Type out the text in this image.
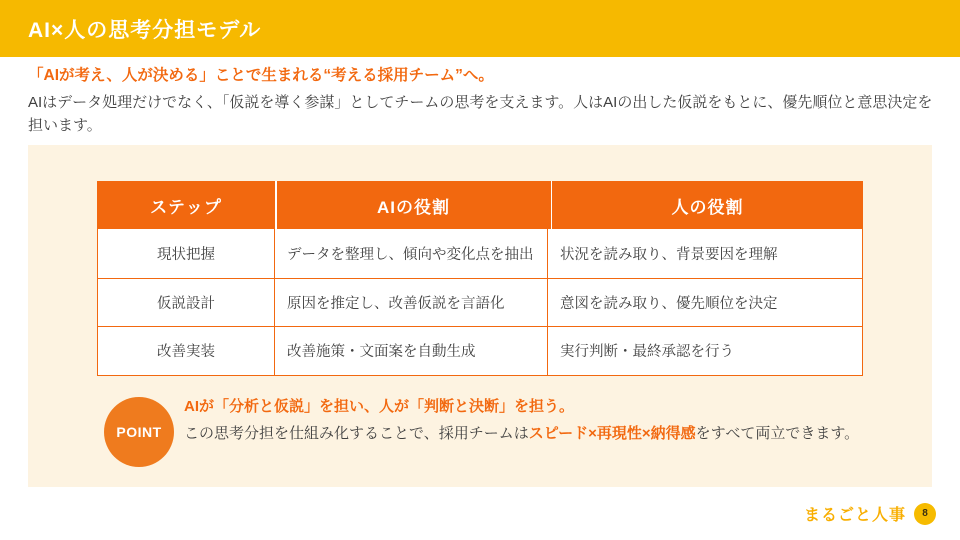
AI×人の思考分担モデル
「AIが考え、人が決める」ことで生まれる“考える採用チーム”へ。
AIはデータ処理だけでなく、「仮説を導く参謀」としてチームの思考を支えます。人はAIの出した仮説をもとに、優先順位と意思決定を担います。
ステップ	AIの役割	人の役割
現状把握	データを整理し、傾向や変化点を抽出	状況を読み取り、背景要因を理解
仮説設計	原因を推定し、改善仮説を言語化	意図を読み取り、優先順位を決定
改善実装	改善施策・文面案を自動生成	実行判断・最終承認を行う
POINT
AIが「分析と仮説」を担い、人が「判断と決断」を担う。
この思考分担を仕組み化することで、採用チームはスピード×再現性×納得感をすべて両立できます。
まるごと人事	8
